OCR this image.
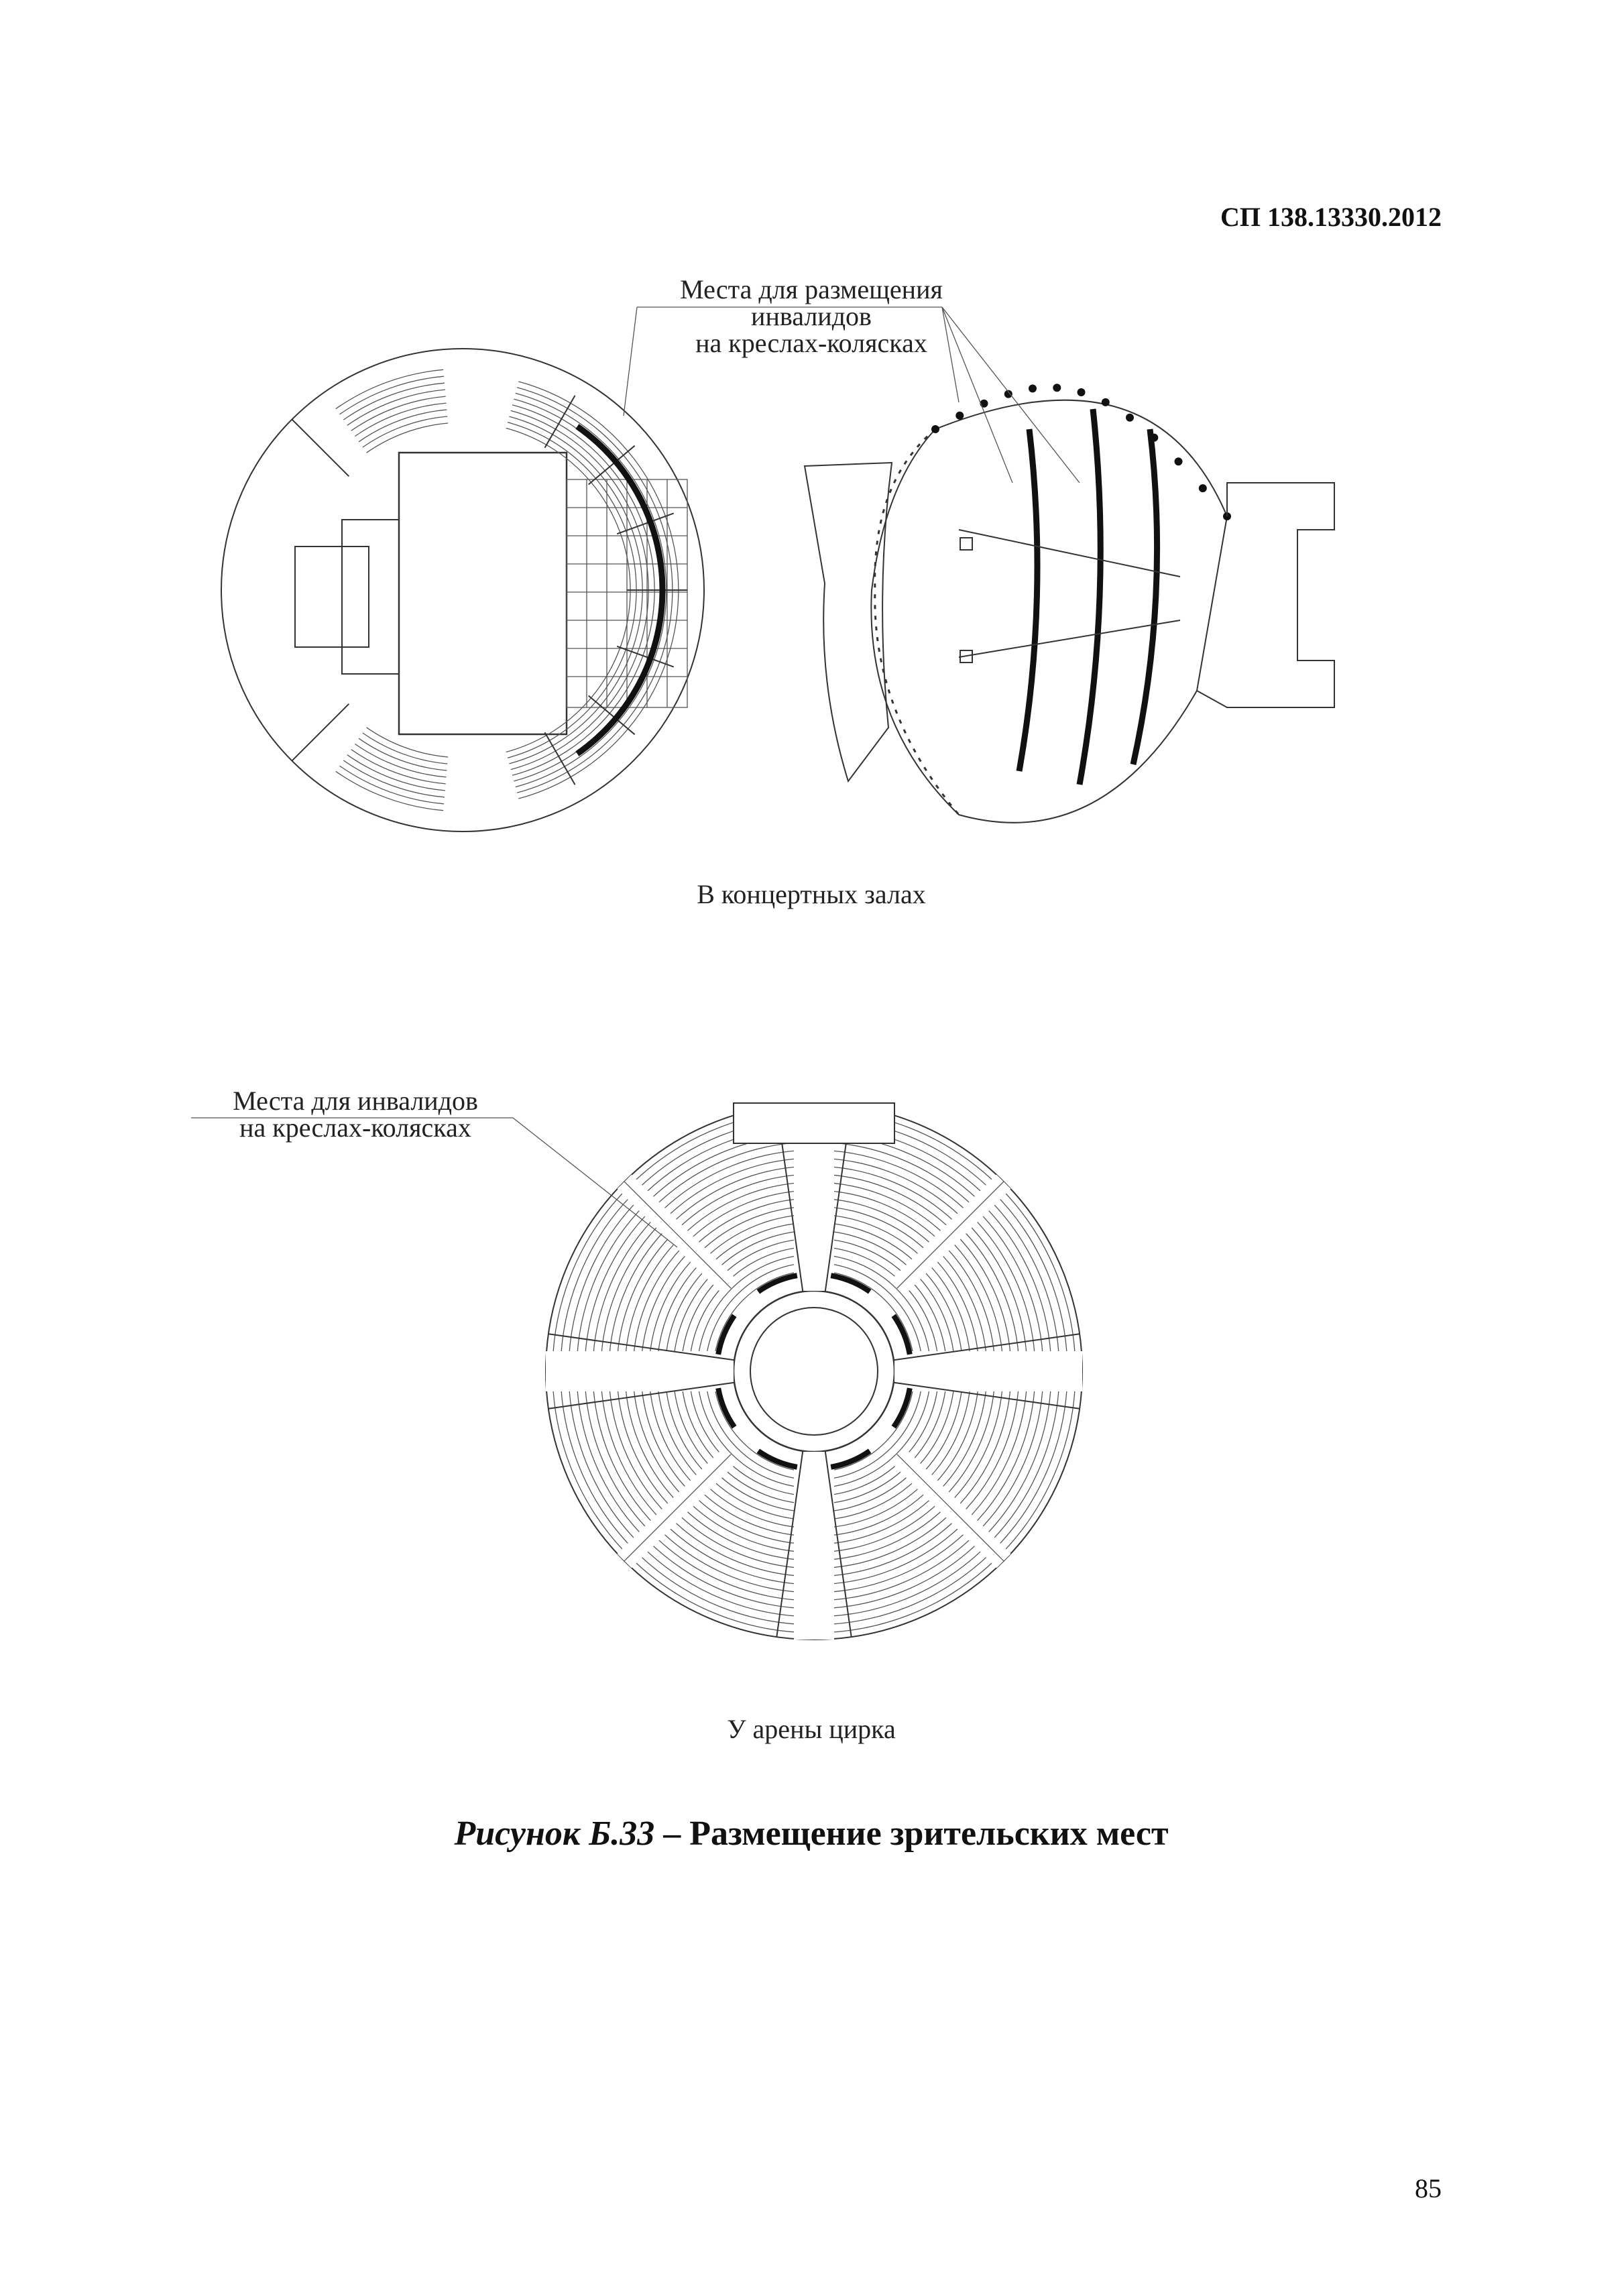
СП 138.13330.2012
Места для размещения
инвалидов
на креслах-колясках
В концертных залах
Места для инвалидов
на креслах-колясках
У арены цирка
Рисунок Б.33 – Размещение зрительских мест
85
